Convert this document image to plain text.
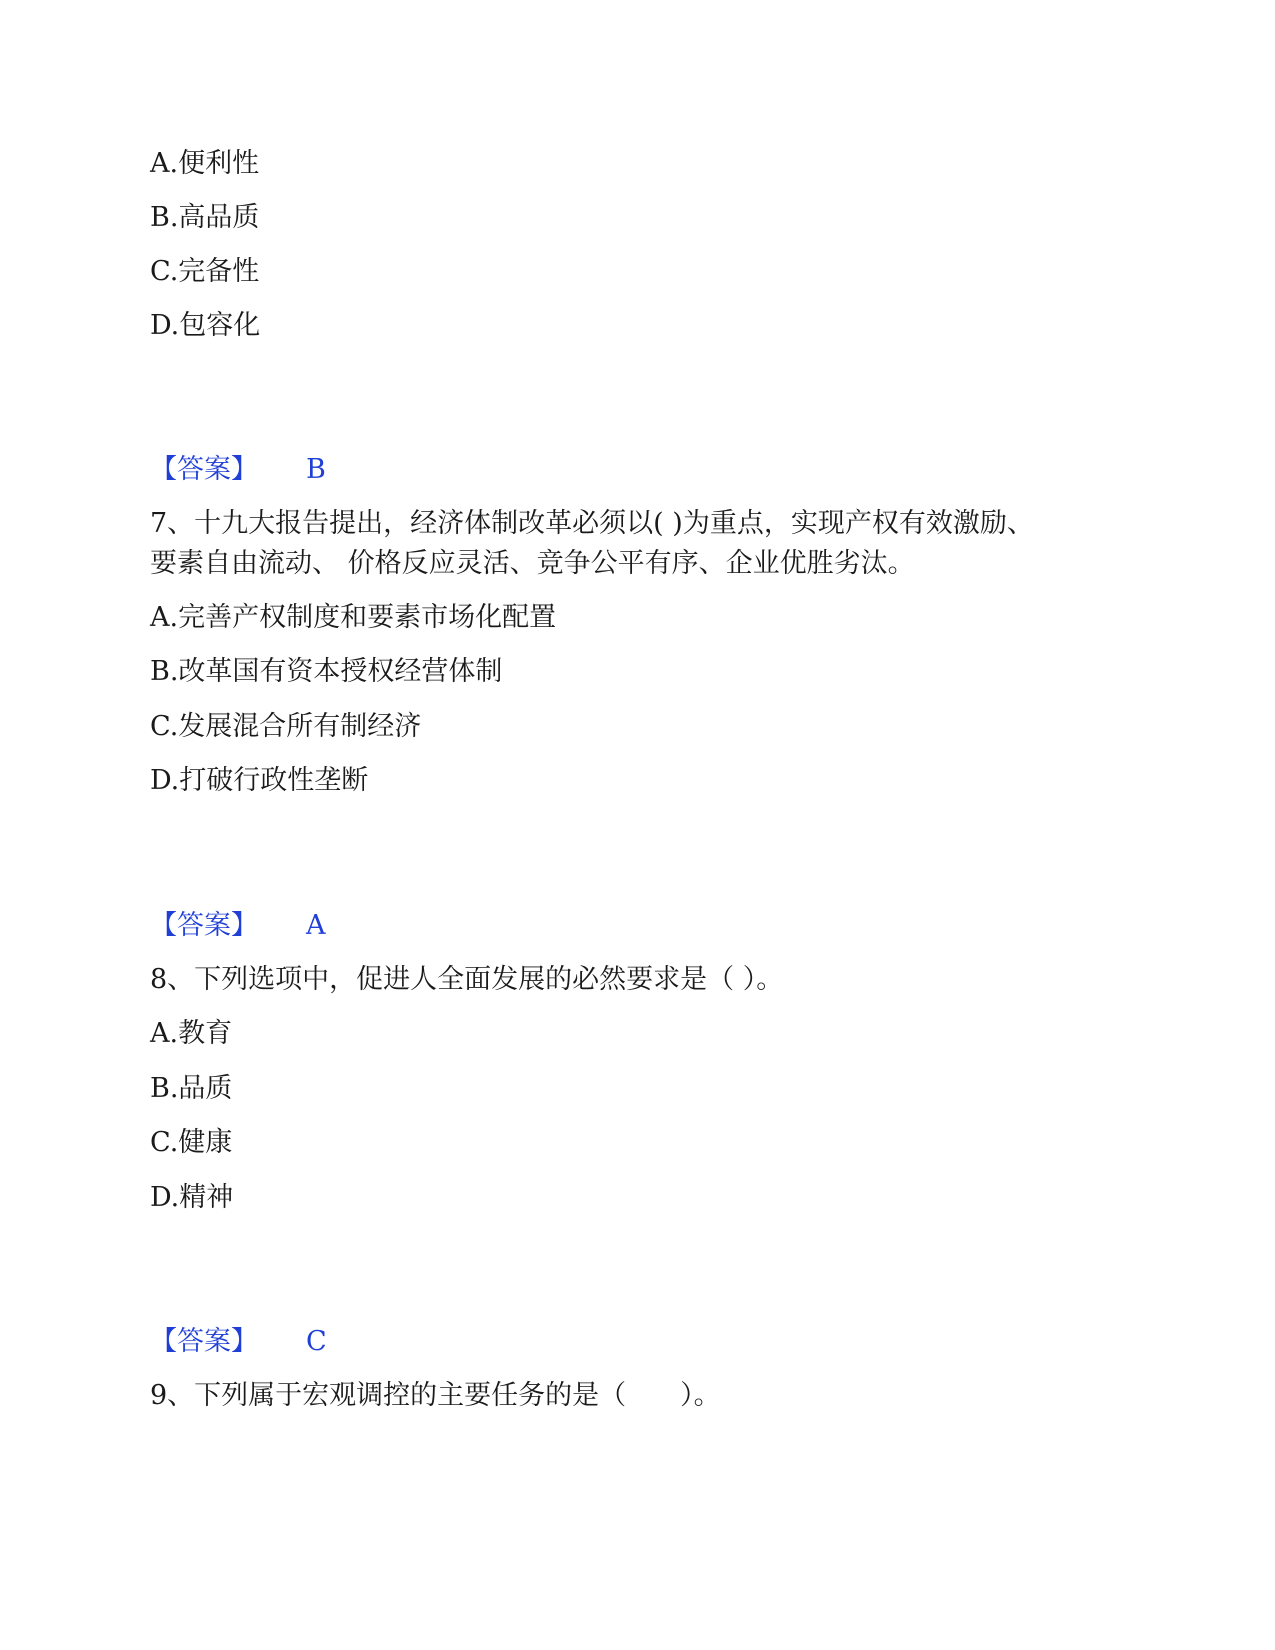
A.便利性
B.高品质
C.完备性
D.包容化
【答案】 B
7、十九大报告提出，经济体制改革必须以( )为重点，实现产权有效激励、
要素自由流动、 价格反应灵活、竞争公平有序、企业优胜劣汰。
A.完善产权制度和要素市场化配置
B.改革国有资本授权经营体制
C.发展混合所有制经济
D.打破行政性垄断
【答案】 A
8、下列选项中，促进人全面发展的必然要求是（ ）。
A.教育
B.品质
C.健康
D.精神
【答案】 C
9、下列属于宏观调控的主要任务的是（　　）。
